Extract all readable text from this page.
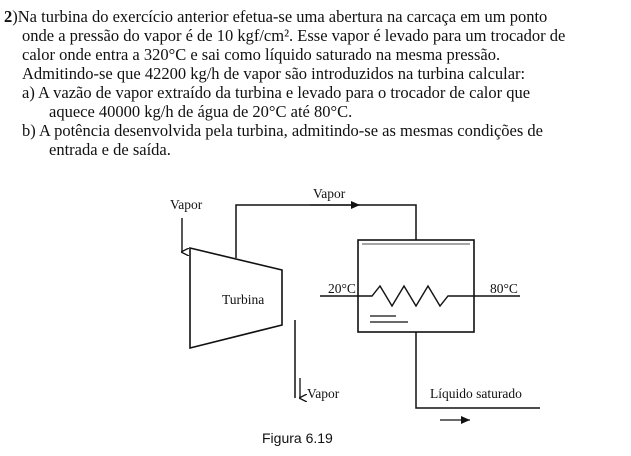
2)Na turbina do exercício anterior efetua-se uma abertura na carcaça em um ponto
onde a pressão do vapor é de 10 kgf/cm². Esse vapor é levado para um trocador de
calor onde entra a 320°C e sai como líquido saturado na mesma pressão.
Admitindo-se que 42200 kg/h de vapor são introduzidos na turbina calcular:
a) A vazão de vapor extraído da turbina e levado para o trocador de calor que
aquece 40000 kg/h de água de 20°C até 80°C.
b) A potência desenvolvida pela turbina, admitindo-se as mesmas condições de
entrada e de saída.
Vapor
Vapor
Turbina
20°C	80°C
Vapor	Líquido saturado
Figura 6.19
